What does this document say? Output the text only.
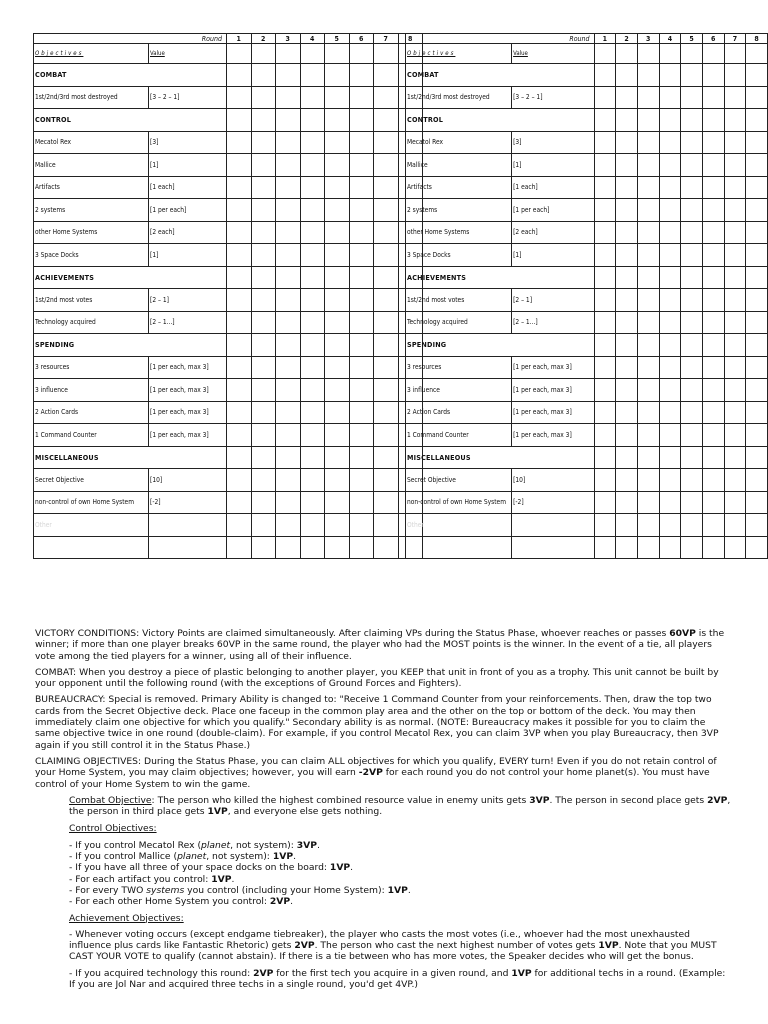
Round		1	2	3	4	5	6	7	8
Objectives	Value								
COMBAT									
1st/2nd/3rd most destroyed	[3 – 2 – 1]								
CONTROL									
Mecatol Rex	[3]								
Mallice	[1]								
Artifacts	[1 each]								
2 systems	[1 per each]								
other Home Systems	[2 each]								
3 Space Docks	[1]								
ACHIEVEMENTS									
1st/2nd most votes	[2 – 1]								
Technology acquired	[2 – 1...]								
SPENDING									
3 resources	[1 per each, max 3]								
3 influence	[1 per each, max 3]								
2 Action Cards	[1 per each, max 3]								
1 Command Counter	[1 per each, max 3]								
MISCELLANEOUS									
Secret Objective	[10]								
non-control of own Home System	[-2]								
Other									

Round		1	2	3	4	5	6	7	8
Objectives	Value								
COMBAT									
1st/2nd/3rd most destroyed	[3 – 2 – 1]								
CONTROL									
Mecatol Rex	[3]								
Mallice	[1]								
Artifacts	[1 each]								
2 systems	[1 per each]								
other Home Systems	[2 each]								
3 Space Docks	[1]								
ACHIEVEMENTS									
1st/2nd most votes	[2 – 1]								
Technology acquired	[2 – 1...]								
SPENDING									
3 resources	[1 per each, max 3]								
3 influence	[1 per each, max 3]								
2 Action Cards	[1 per each, max 3]								
1 Command Counter	[1 per each, max 3]								
MISCELLANEOUS									
Secret Objective	[10]								
non-control of own Home System	[-2]								
Other									

VICTORY CONDITIONS: Victory Points are claimed simultaneously. After claiming VPs during the Status Phase, whoever reaches or passes 60VP is the winner; if more than one player breaks 60VP in the same round, the player who had the MOST points is the winner. In the event of a tie, all players vote among the tied players for a winner, using all of their influence.

COMBAT: When you destroy a piece of plastic belonging to another player, you KEEP that unit in front of you as a trophy. This unit cannot be built by your opponent until the following round (with the exceptions of Ground Forces and Fighters).

BUREAUCRACY: Special is removed. Primary Ability is changed to: "Receive 1 Command Counter from your reinforcements. Then, draw the top two cards from the Secret Objective deck. Place one faceup in the common play area and the other on the top or bottom of the deck. You may then immediately claim one objective for which you qualify." Secondary ability is as normal. (NOTE: Bureaucracy makes it possible for you to claim the same objective twice in one round (double-claim). For example, if you control Mecatol Rex, you can claim 3VP when you play Bureaucracy, then 3VP again if you still control it in the Status Phase.)

CLAIMING OBJECTIVES: During the Status Phase, you can claim ALL objectives for which you qualify, EVERY turn! Even if you do not retain control of your Home System, you may claim objectives; however, you will earn -2VP for each round you do not control your home planet(s). You must have control of your Home System to win the game.

Combat Objective: The person who killed the highest combined resource value in enemy units gets 3VP. The person in second place gets 2VP, the person in third place gets 1VP, and everyone else gets nothing.

Control Objectives:

- If you control Mecatol Rex (planet, not system): 3VP.
- If you control Mallice (planet, not system): 1VP.
- If you have all three of your space docks on the board: 1VP.
- For each artifact you control: 1VP.
- For every TWO systems you control (including your Home System): 1VP.
- For each other Home System you control: 2VP.

Achievement Objectives:

- Whenever voting occurs (except endgame tiebreaker), the player who casts the most votes (i.e., whoever had the most unexhausted influence plus cards like Fantastic Rhetoric) gets 2VP. The person who cast the next highest number of votes gets 1VP. Note that you MUST CAST YOUR VOTE to qualify (cannot abstain). If there is a tie between who has more votes, the Speaker decides who will get the bonus.

- If you acquired technology this round: 2VP for the first tech you acquire in a given round, and 1VP for additional techs in a round. (Example: If you are Jol Nar and acquired three techs in a single round, you'd get 4VP.)
